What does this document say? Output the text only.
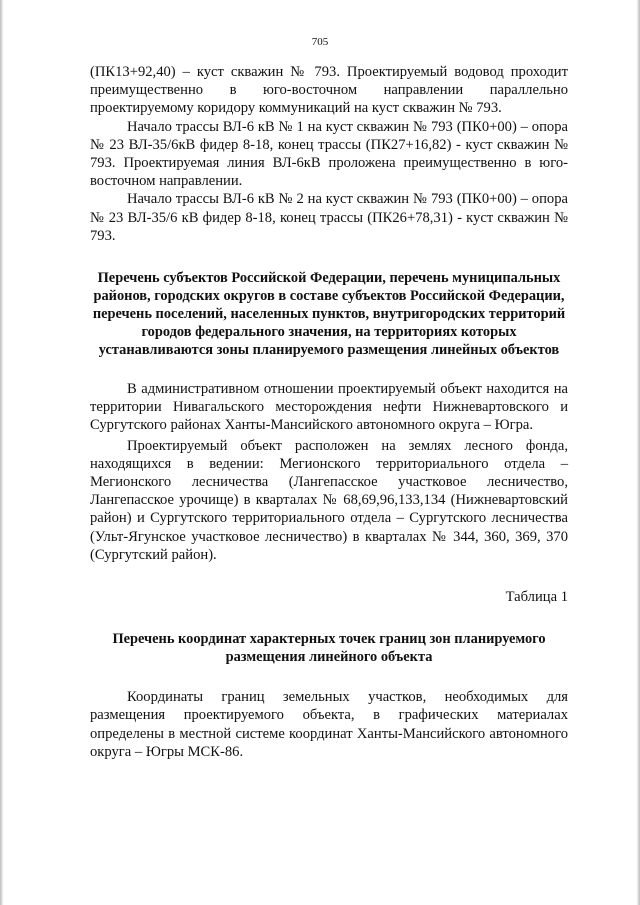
705

(ПК13+92,40) – куст скважин № 793. Проектируемый водовод проходит преимущественно в юго-восточном направлении параллельно проектируемому коридору коммуникаций на куст скважин № 793.

Начало трассы ВЛ-6 кВ № 1 на куст скважин № 793 (ПК0+00) – опора № 23 ВЛ-35/6кВ фидер 8-18, конец трассы (ПК27+16,82) - куст скважин № 793. Проектируемая линия ВЛ-6кВ проложена преимущественно в юго-восточном направлении.

Начало трассы ВЛ-6 кВ № 2 на куст скважин № 793 (ПК0+00) – опора № 23 ВЛ-35/6 кВ фидер 8-18, конец трассы (ПК26+78,31) - куст скважин № 793.

Перечень субъектов Российской Федерации, перечень муниципальных районов, городских округов в составе субъектов Российской Федерации, перечень поселений, населенных пунктов, внутригородских территорий городов федерального значения, на территориях которых устанавливаются зоны планируемого размещения линейных объектов

В административном отношении проектируемый объект находится на территории Нивагальского месторождения нефти Нижневартовского и Сургутского районах Ханты-Мансийского автономного округа – Югра.

Проектируемый объект расположен на землях лесного фонда, находящихся в ведении: Мегионского территориального отдела – Мегионского лесничества (Лангепасское участковое лесничество, Лангепасское урочище) в кварталах № 68,69,96,133,134 (Нижневартовский район) и Сургутского территориального отдела – Сургутского лесничества (Ульт-Ягунское участковое лесничество) в кварталах № 344, 360, 369, 370 (Сургутский район).

Таблица 1

Перечень координат характерных точек границ зон планируемого размещения линейного объекта

Координаты границ земельных участков, необходимых для размещения проектируемого объекта, в графических материалах определены в местной системе координат Ханты-Мансийского автономного округа – Югры МСК-86.
